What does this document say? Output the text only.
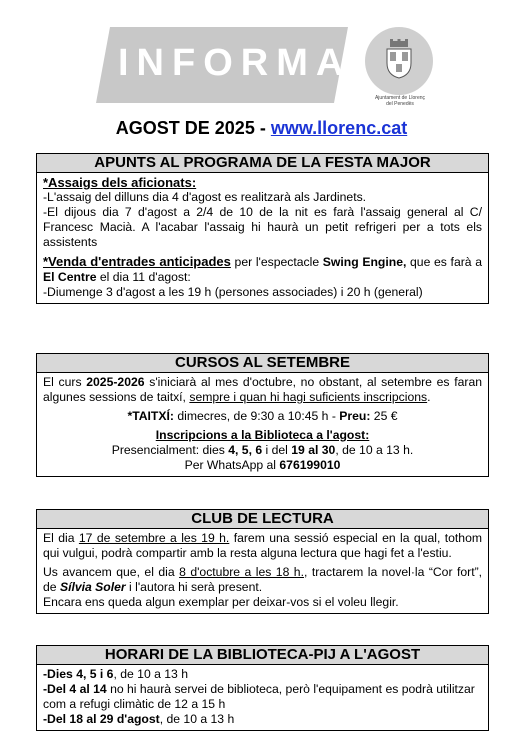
INFORMA
Ajuntament de Llorenç del Penedès
AGOST DE 2025 - www.llorenc.cat
APUNTS AL PROGRAMA DE LA FESTA MAJOR

*Assaigs dels aficionats:

-L'assaig del dilluns dia 4 d'agost es realitzarà als Jardinets.

-El dijous dia 7 d'agost a 2/4 de 10 de la nit es farà l'assaig general al C/ Francesc Macià. A l'acabar l'assaig hi haurà un petit refrigeri per a tots els assistents

*Venda d'entrades anticipades per l'espectacle Swing Engine, que es farà a El Centre el dia 11 d'agost:

-Diumenge 3 d'agost a les 19 h (persones associades) i 20 h (general)

CURSOS AL SETEMBRE

El curs 2025-2026 s'iniciarà al mes d'octubre, no obstant, al setembre es faran algunes sessions de taitxí, sempre i quan hi hagi suficients inscripcions.

*TAITXÍ: dimecres, de 9:30 a 10:45 h - Preu: 25 €

Inscripcions a la Biblioteca a l'agost:

Presencialment: dies 4, 5, 6 i del 19 al 30, de 10 a 13 h.

Per WhatsApp al 676199010

CLUB DE LECTURA

El dia 17 de setembre a les 19 h. farem una sessió especial en la qual, tothom qui vulgui, podrà compartir amb la resta alguna lectura que hagi fet a l'estiu.

Us avancem que, el dia 8 d'octubre a les 18 h., tractarem la novel·la “Cor fort”, de Sílvia Soler i l'autora hi serà present.

Encara ens queda algun exemplar per deixar-vos si el voleu llegir.

HORARI DE LA BIBLIOTECA-PIJ A L'AGOST

-Dies 4, 5 i 6, de 10 a 13 h

-Del 4 al 14 no hi haurà servei de biblioteca, però l'equipament es podrà utilitzar com a refugi climàtic de 12 a 15 h

-Del 18 al 29 d'agost, de 10 a 13 h
